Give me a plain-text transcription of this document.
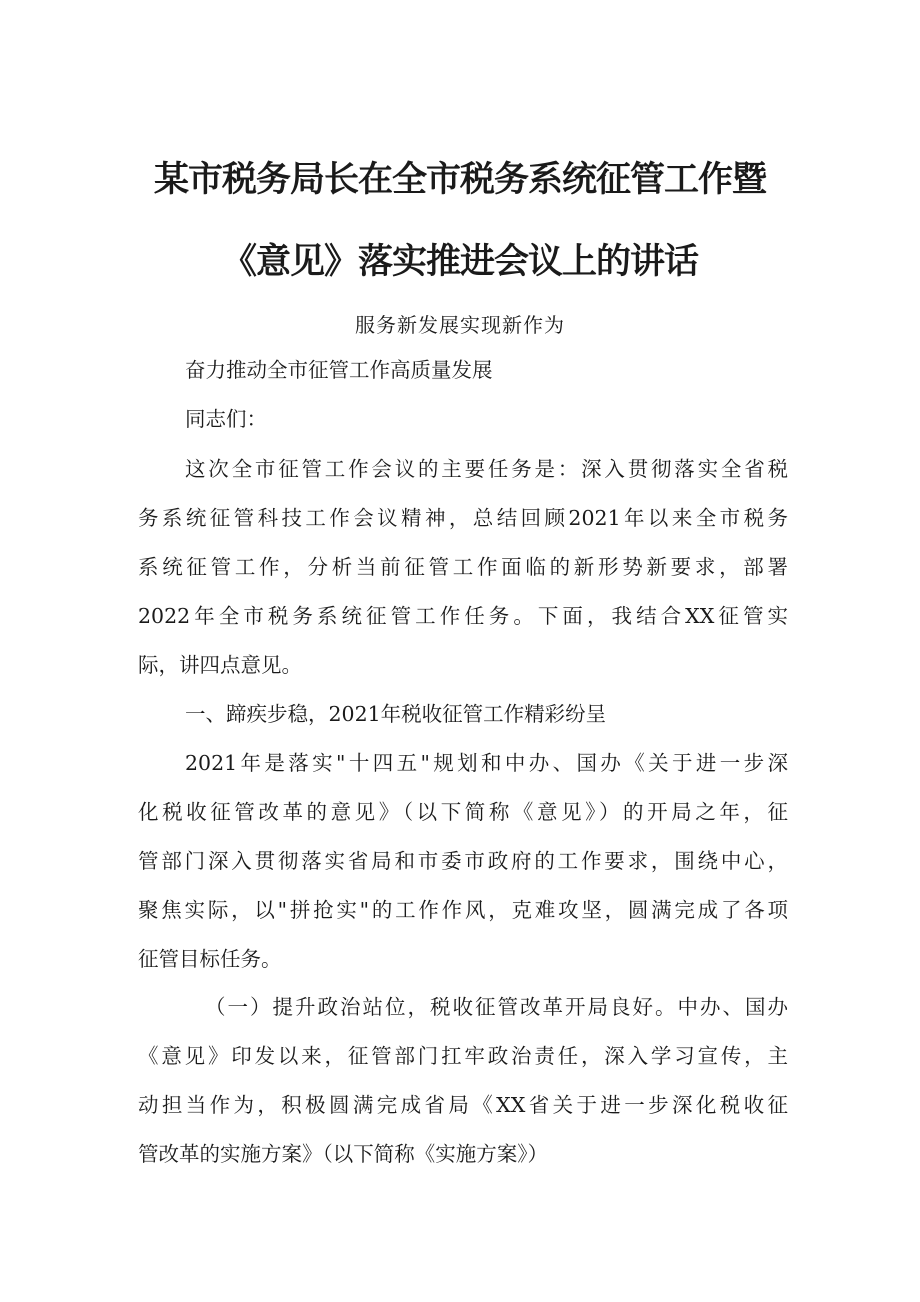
某市税务局长在全市税务系统征管工作暨
《意见》落实推进会议上的讲话

服务新发展实现新作为

奋力推动全市征管工作高质量发展

同志们：

这次全市征管工作会议的主要任务是：深入贯彻落实全省税

务系统征管科技工作会议精神，总结回顾2021年以来全市税务

系统征管工作，分析当前征管工作面临的新形势新要求，部署

2022年全市税务系统征管工作任务。下面，我结合XX征管实

际，讲四点意见。

一、蹄疾步稳，2021年税收征管工作精彩纷呈

2021年是落实"十四五"规划和中办、国办《关于进一步深

化税收征管改革的意见》（以下简称《意见》）的开局之年，征

管部门深入贯彻落实省局和市委市政府的工作要求，围绕中心，

聚焦实际，以"拼抢实"的工作作风，克难攻坚，圆满完成了各项

征管目标任务。

（一）提升政治站位，税收征管改革开局良好。中办、国办

《意见》印发以来，征管部门扛牢政治责任，深入学习宣传，主

动担当作为，积极圆满完成省局《XX省关于进一步深化税收征

管改革的实施方案》（以下简称《实施方案》）
